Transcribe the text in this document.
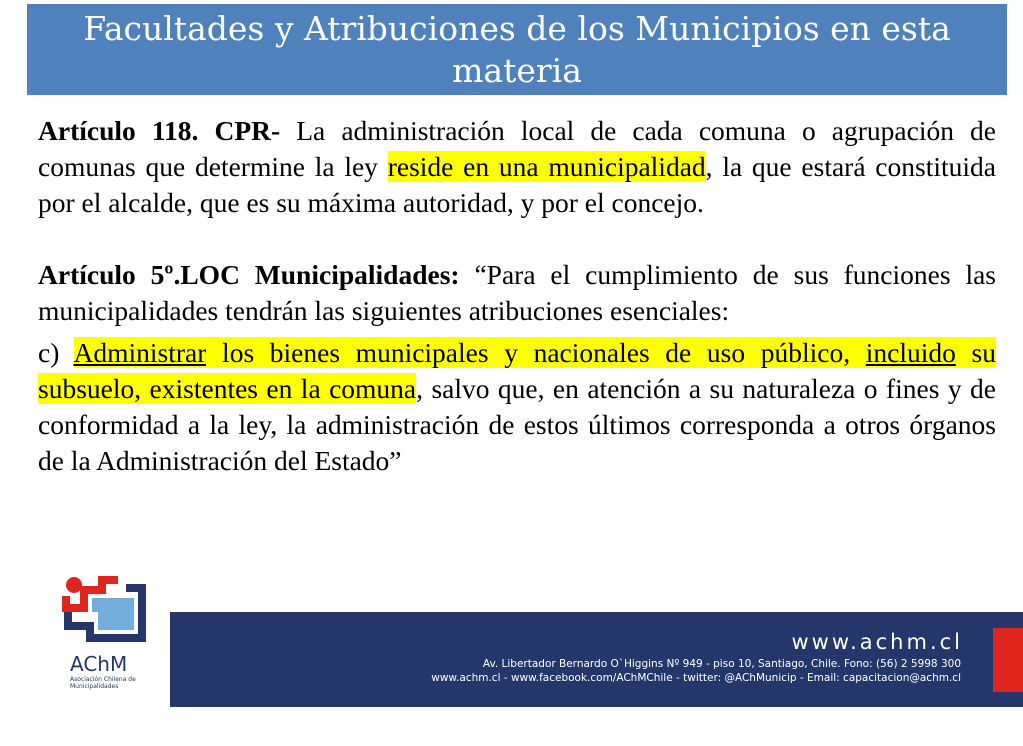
Facultades y Atribuciones de los Municipios en esta materia

Artículo 118. CPR- La administración local de cada comuna o agrupación de comunas que determine la ley reside en una municipalidad, la que estará constituida por el alcalde, que es su máxima autoridad, y por el concejo.

Artículo 5º.LOC Municipalidades: “Para el cumplimiento de sus funciones las municipalidades tendrán las siguientes atribuciones esenciales:

c) Administrar los bienes municipales y nacionales de uso público, incluido su subsuelo, existentes en la comuna, salvo que, en atención a su naturaleza o fines y de conformidad a la ley, la administración de estos últimos corresponda a otros órganos de la Administración del Estado”

www.achm.cl
Av. Libertador Bernardo O`Higgins Nº 949 - piso 10, Santiago, Chile. Fono: (56) 2 5998 300
www.achm.cl - www.facebook.com/AChMChile - twitter: @AChMunicip - Email: capacitacion@achm.cl
AChM
Asociación Chilena de Municipalidades
